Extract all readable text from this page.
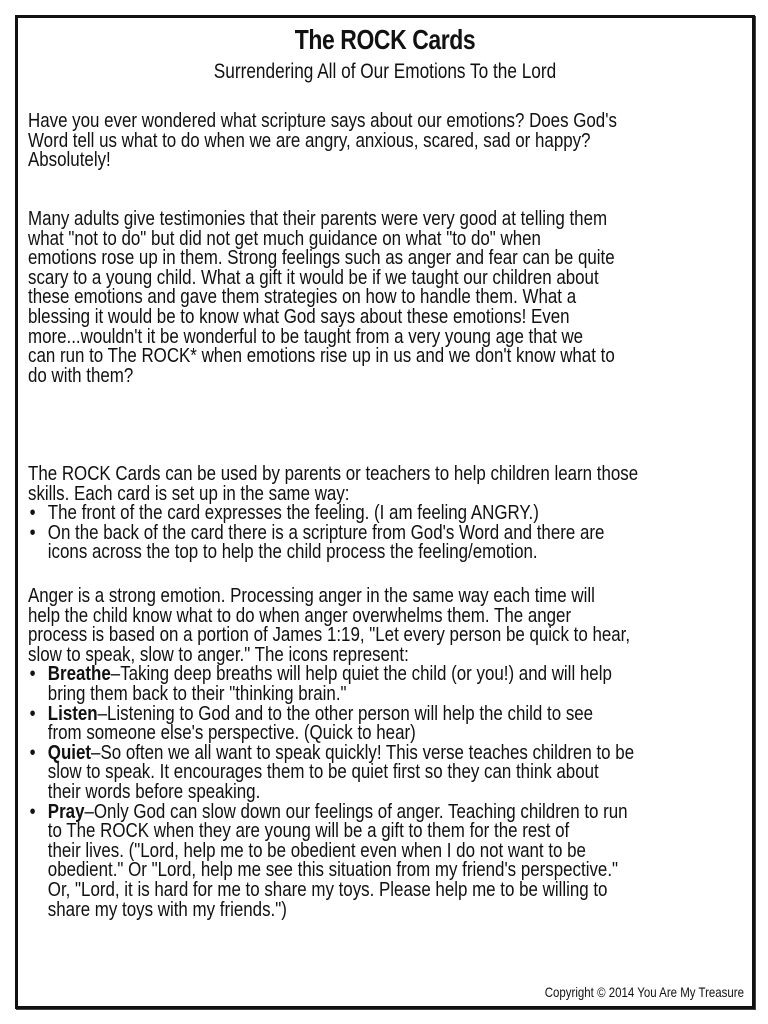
The ROCK Cards
Surrendering All of Our Emotions To the Lord
Have you ever wondered what scripture says about our emotions? Does God's
Word tell us what to do when we are angry, anxious, scared, sad or happy?
Absolutely!
Many adults give testimonies that their parents were very good at telling them
what "not to do" but did not get much guidance on what "to do" when
emotions rose up in them. Strong feelings such as anger and fear can be quite
scary to a young child. What a gift it would be if we taught our children about
these emotions and gave them strategies on how to handle them. What a
blessing it would be to know what God says about these emotions! Even
more...wouldn't it be wonderful to be taught from a very young age that we
can run to The ROCK* when emotions rise up in us and we don't know what to
do with them?
The ROCK Cards can be used by parents or teachers to help children learn those
skills. Each card is set up in the same way:
• The front of the card expresses the feeling. (I am feeling ANGRY.)
• On the back of the card there is a scripture from God's Word and there are
icons across the top to help the child process the feeling/emotion.
Anger is a strong emotion. Processing anger in the same way each time will
help the child know what to do when anger overwhelms them. The anger
process is based on a portion of James 1:19, "Let every person be quick to hear,
slow to speak, slow to anger." The icons represent:
• Breathe–Taking deep breaths will help quiet the child (or you!) and will help
bring them back to their "thinking brain."
• Listen–Listening to God and to the other person will help the child to see
from someone else's perspective. (Quick to hear)
• Quiet–So often we all want to speak quickly! This verse teaches children to be
slow to speak. It encourages them to be quiet first so they can think about
their words before speaking.
• Pray–Only God can slow down our feelings of anger. Teaching children to run
to The ROCK when they are young will be a gift to them for the rest of
their lives. ("Lord, help me to be obedient even when I do not want to be
obedient." Or "Lord, help me see this situation from my friend's perspective."
Or, "Lord, it is hard for me to share my toys. Please help me to be willing to
share my toys with my friends.")
Copyright © 2014 You Are My Treasure
